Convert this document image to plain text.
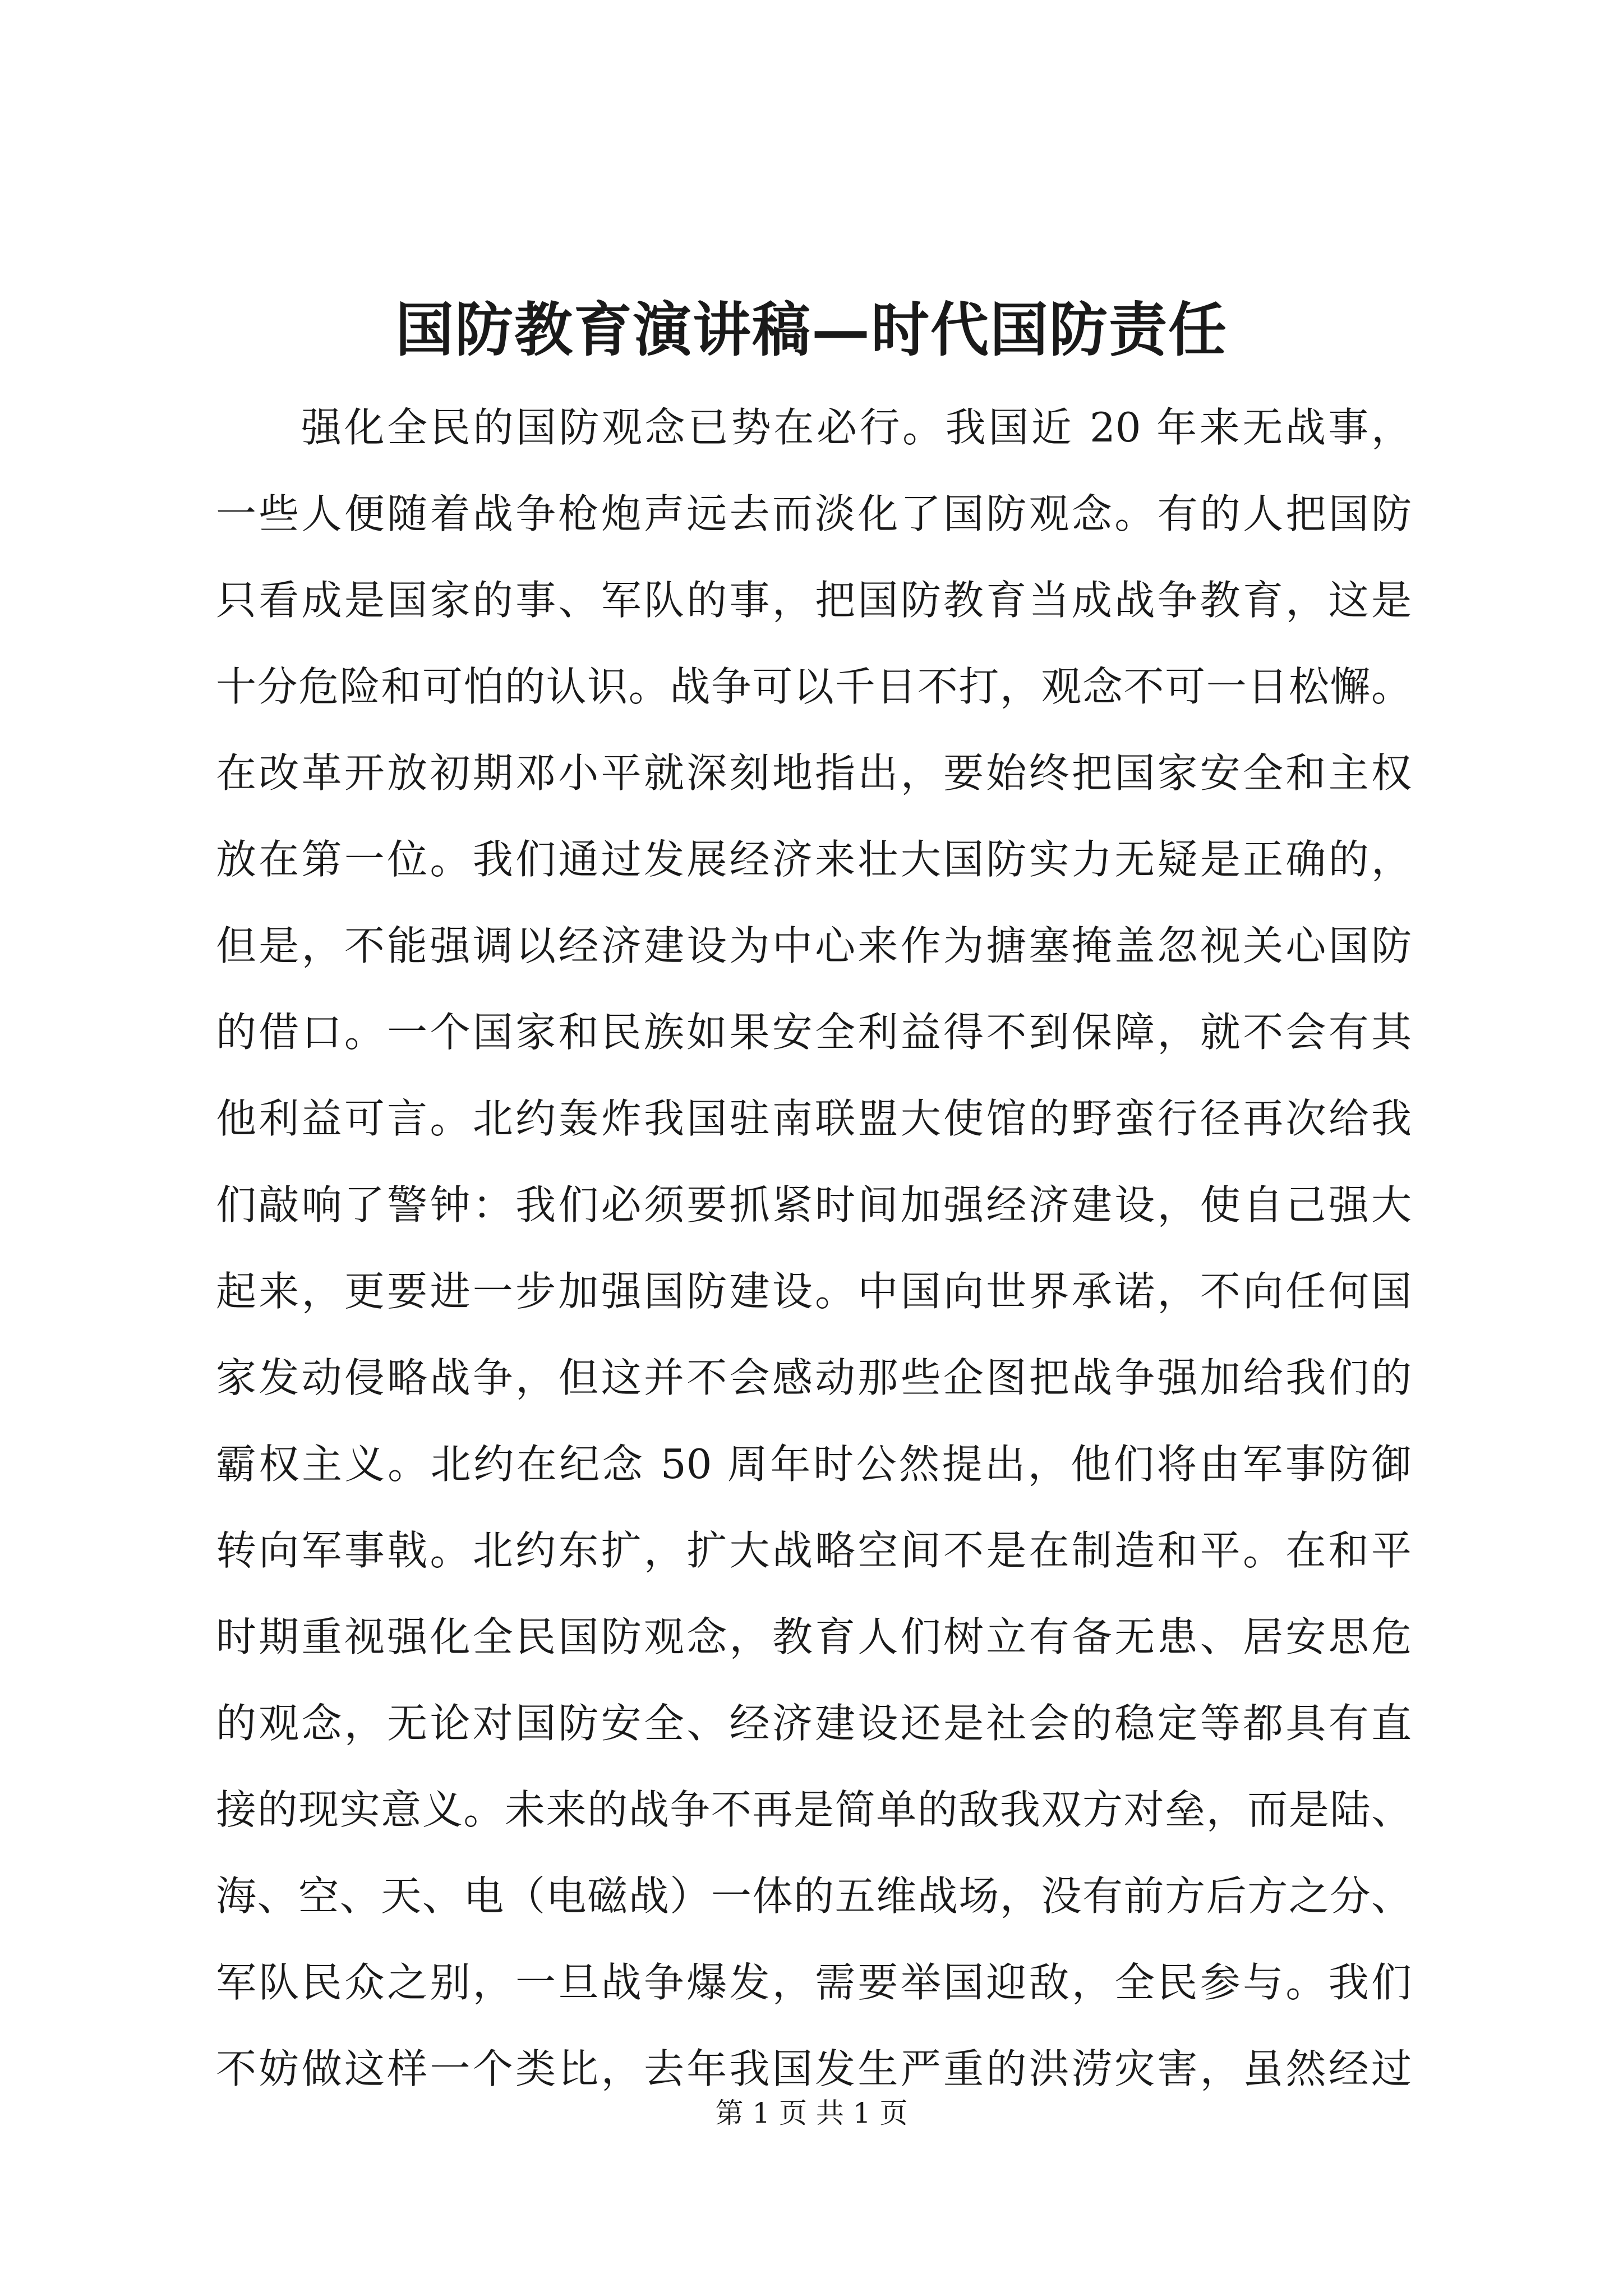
国防教育演讲稿—时代国防责任
强化全民的国防观念已势在必行。我国近 20 年来无战事，
一些人便随着战争枪炮声远去而淡化了国防观念。有的人把国防
只看成是国家的事、军队的事，把国防教育当成战争教育，这是
十分危险和可怕的认识。战争可以千日不打，观念不可一日松懈。
在改革开放初期邓小平就深刻地指出，要始终把国家安全和主权
放在第一位。我们通过发展经济来壮大国防实力无疑是正确的，
但是，不能强调以经济建设为中心来作为搪塞掩盖忽视关心国防
的借口。一个国家和民族如果安全利益得不到保障，就不会有其
他利益可言。北约轰炸我国驻南联盟大使馆的野蛮行径再次给我
们敲响了警钟：我们必须要抓紧时间加强经济建设，使自己强大
起来，更要进一步加强国防建设。中国向世界承诺，不向任何国
家发动侵略战争，但这并不会感动那些企图把战争强加给我们的
霸权主义。北约在纪念 50 周年时公然提出，他们将由军事防御
转向军事戟。北约东扩，扩大战略空间不是在制造和平。在和平
时期重视强化全民国防观念，教育人们树立有备无患、居安思危
的观念，无论对国防安全、经济建设还是社会的稳定等都具有直
接的现实意义。未来的战争不再是简单的敌我双方对垒，而是陆、
海、空、天、电（电磁战）一体的五维战场，没有前方后方之分、
军队民众之别，一旦战争爆发，需要举国迎敌，全民参与。我们
不妨做这样一个类比，去年我国发生严重的洪涝灾害，虽然经过
第 1 页 共 1 页
